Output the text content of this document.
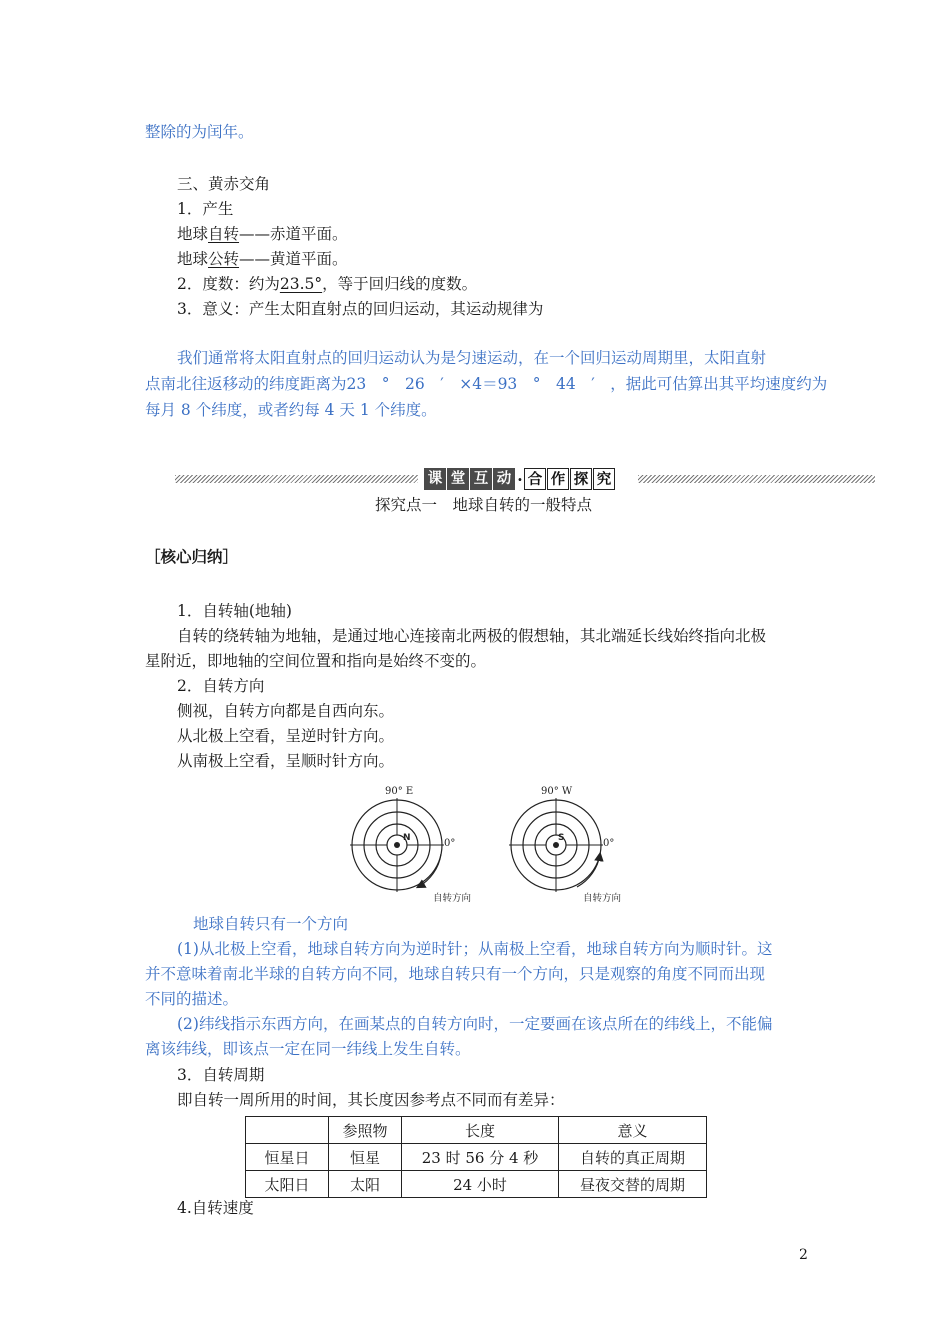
整除的为闰年。
三、黄赤交角
1．产生
地球自转——赤道平面。
地球公转——黄道平面。
2．度数：约为23.5°，等于回归线的度数。
3．意义：产生太阳直射点的回归运动，其运动规律为
我们通常将太阳直射点的回归运动认为是匀速运动，在一个回归运动周期里，太阳直射
点南北往返移动的纬度距离为23　°　26　′　×4＝93　°　44　′　，据此可估算出其平均速度约为
每月 8 个纬度，或者约每 4 天 1 个纬度。
课 堂 互 动 · 合 作 探 究
探究点一　地球自转的一般特点
［核心归纳］
1．自转轴(地轴)
自转的绕转轴为地轴，是通过地心连接南北两极的假想轴，其北端延长线始终指向北极
星附近，即地轴的空间位置和指向是始终不变的。
2．自转方向
侧视，自转方向都是自西向东。
从北极上空看，呈逆时针方向。
从南极上空看，呈顺时针方向。
90° E
N	0°
自转方向
90° W
S	0°
自转方向
地球自转只有一个方向
(1)从北极上空看，地球自转方向为逆时针；从南极上空看，地球自转方向为顺时针。这
并不意味着南北半球的自转方向不同，地球自转只有一个方向，只是观察的角度不同而出现
不同的描述。
(2)纬线指示东西方向，在画某点的自转方向时，一定要画在该点所在的纬线上，不能偏
离该纬线，即该点一定在同一纬线上发生自转。
3．自转周期
即自转一周所用的时间，其长度因参考点不同而有差异：
	参照物	长度	意义
恒星日	恒星	23 时 56 分 4 秒	自转的真正周期
太阳日	太阳	24 小时	昼夜交替的周期
4.自转速度
2
